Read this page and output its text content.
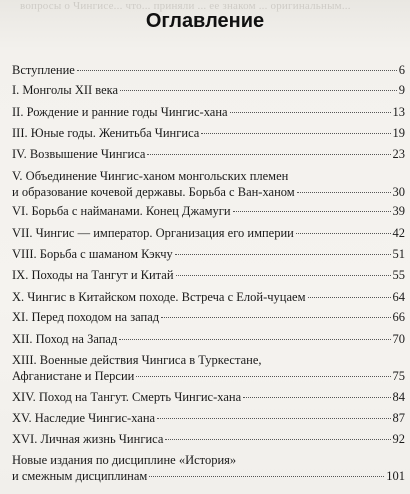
вопросы о Чингисе... что... приняли ... ее знаком ... оригинальным...
Оглавление
Вступление	6
I. Монголы XII века	9
II. Рождение и ранние годы Чингис-хана	13
III. Юные годы. Женитьба Чингиса	19
IV. Возвышение Чингиса	23
V. Объединение Чингис-ханом монгольских племен
и образование кочевой державы. Борьба с Ван-ханом	30
VI. Борьба с найманами. Конец Джамуги	39
VII. Чингис — император. Организация его империи	42
VIII. Борьба с шаманом Кэкчу	51
IX. Походы на Тангут и Китай	55
X. Чингис в Китайском походе. Встреча с Елой-чуцаем	64
XI. Перед походом на запад	66
XII. Поход на Запад	70
XIII. Военные действия Чингиса в Туркестане,
Афганистане и Персии	75
XIV. Поход на Тангут. Смерть Чингис-хана	84
XV. Наследие Чингис-хана	87
XVI. Личная жизнь Чингиса	92
Новые издания по дисциплине «История»
и смежным дисциплинам	101
